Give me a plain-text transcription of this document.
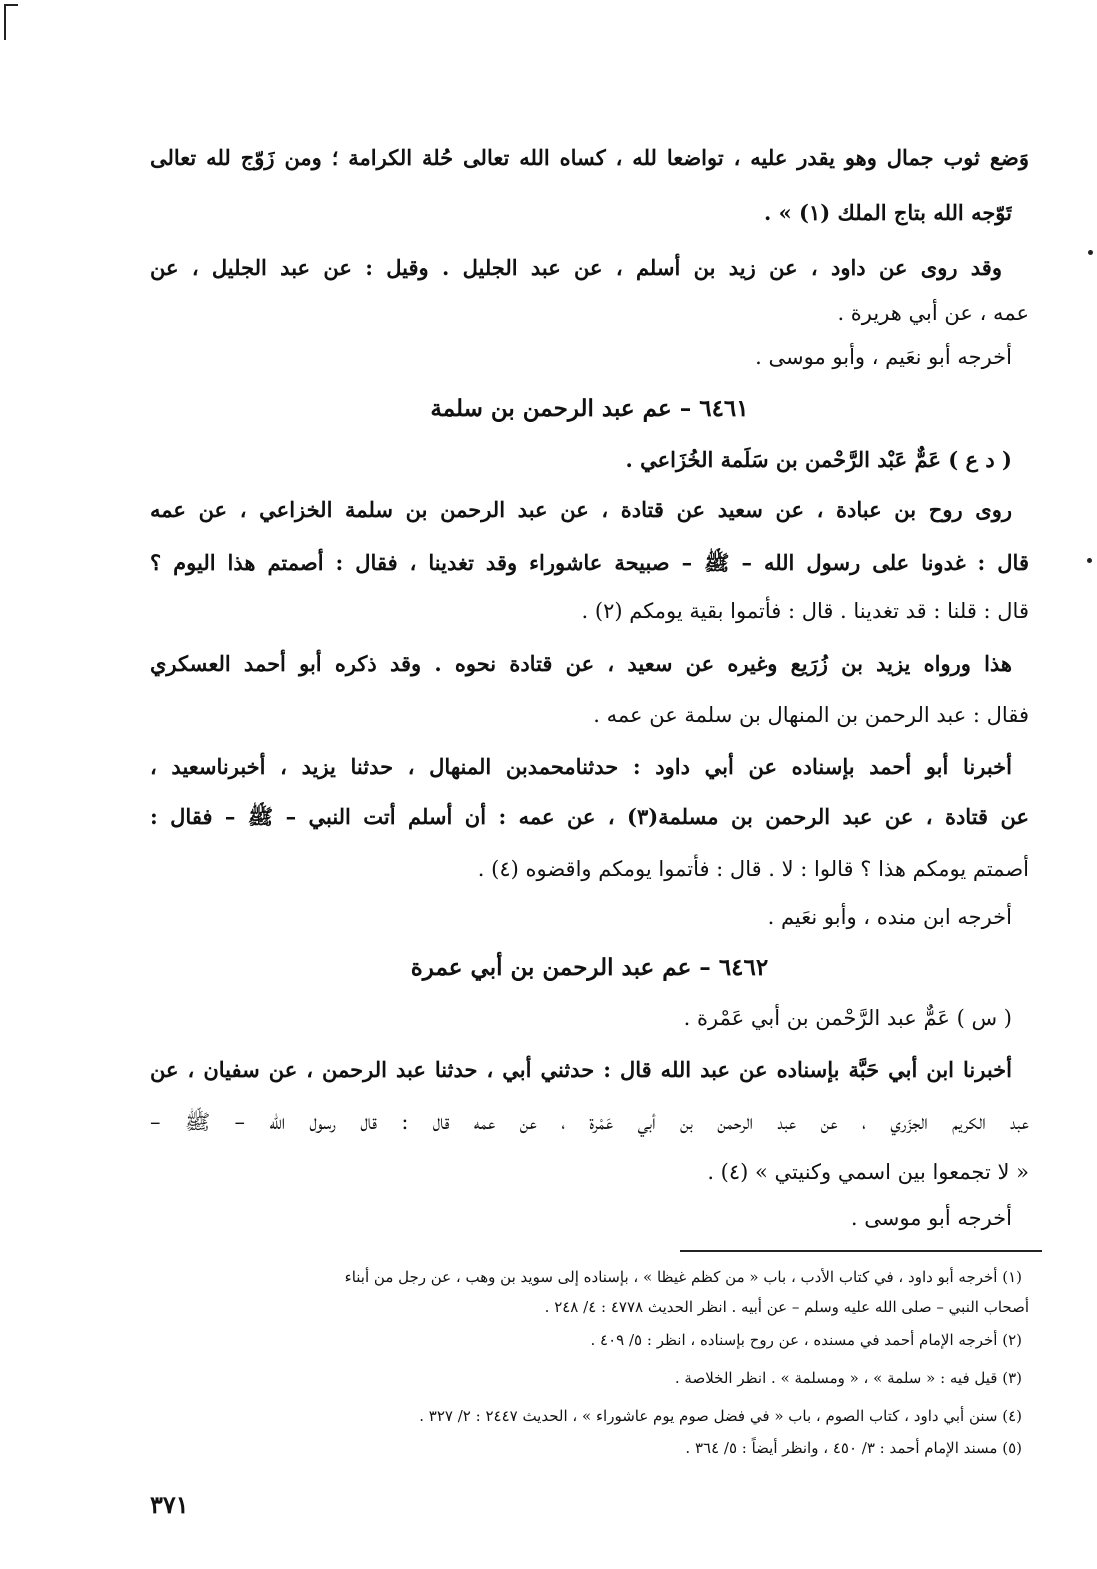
وَضع ثوب جمال وهو يقدر عليه ، تواضعا لله ، كساه الله تعالى حُلة الكرامة ؛ ومن زَوّج لله تعالى
تَوّجه الله بتاج الملك (١) » .
وقد روى عن داود ، عن زيد بن أسلم ، عن عبد الجليل . وقيل : عن عبد الجليل ، عن
عمه ، عن أبي هريرة .
أخرجه أبو نعَيم ، وأبو موسى .
٦٤٦١ – عم عبد الرحمن بن سلمة
( د ع ) عَمٌّ عَبْد الرَّحْمن بن سَلَمة الخُزَاعي .
روى روح بن عبادة ، عن سعيد عن قتادة ، عن عبد الرحمن بن سلمة الخزاعي ، عن عمه
قال : غدونا على رسول الله – ﷺ – صبيحة عاشوراء وقد تغدينا ، فقال : أصمتم هذا اليوم ؟
قال : قلنا : قد تغدينا . قال : فأتموا بقية يومكم (٢) .
هذا ورواه يزيد بن زُرَيع وغيره عن سعيد ، عن قتادة نحوه . وقد ذكره أبو أحمد العسكري
فقال : عبد الرحمن بن المنهال بن سلمة عن عمه .
أخبرنا أبو أحمد بإسناده عن أبي داود : حدثنامحمدبن المنهال ، حدثنا يزيد ، أخبرناسعيد ،
عن قتادة ، عن عبد الرحمن بن مسلمة(٣) ، عن عمه : أن أسلم أتت النبي – ﷺ – فقال :
أصمتم يومكم هذا ؟ قالوا : لا . قال : فأتموا يومكم واقضوه (٤) .
أخرجه ابن منده ، وأبو نعَيم .
٦٤٦٢ – عم عبد الرحمن بن أبي عمرة
( س ) عَمٌّ عبد الرَّحْمن بن أبي عَمْرة .
أخبرنا ابن أبي حَبَّة بإسناده عن عبد الله قال : حدثني أبي ، حدثنا عبد الرحمن ، عن سفيان ، عن
عبد الكريم الجزَري ، عن عبد الرحمن بن أبي عَمْرة ، عن عمه قال : قال رسول الله – ﷺ –
« لا تجمعوا بين اسمي وكنيتي » (٤) .
أخرجه أبو موسى .
(١) أخرجه أبو داود ، في كتاب الأدب ، باب « من كظم غيظا » ، بإسناده إلى سويد بن وهب ، عن رجل من أبناء
أصحاب النبي – صلى الله عليه وسلم – عن أبيه . انظر الحديث ٤٧٧٨ : ٤/ ٢٤٨ .
(٢) أخرجه الإمام أحمد في مسنده ، عن روح بإسناده ، انظر : ٥/ ٤٠٩ .
(٣) قيل فيه : « سلمة » ، « ومسلمة » . انظر الخلاصة .
(٤) سنن أبي داود ، كتاب الصوم ، باب « في فضل صوم يوم عاشوراء » ، الحديث ٢٤٤٧ : ٢/ ٣٢٧ .
(٥) مسند الإمام أحمد : ٣/ ٤٥٠ ، وانظر أيضاً : ٥/ ٣٦٤ .
٣٧١
